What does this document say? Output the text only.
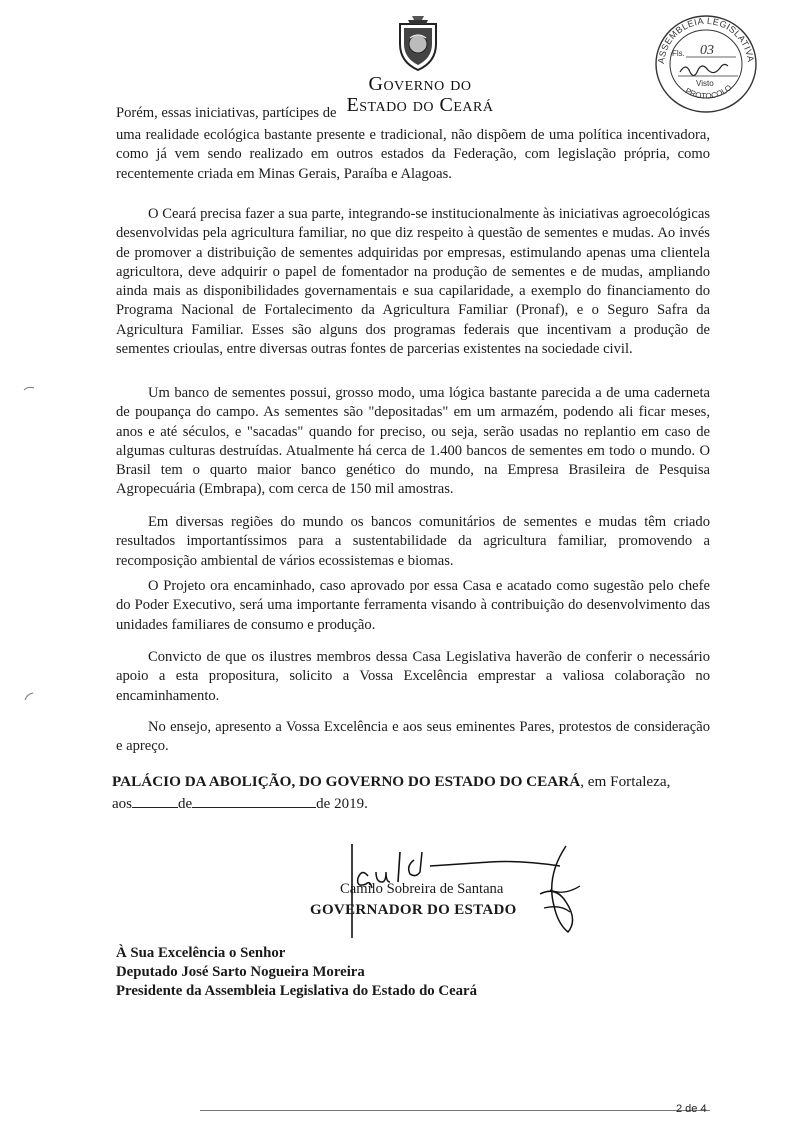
Governo do
Estado do Ceará
ASSEMBLEIA LEGISLATIVA
PROTOCOLO
Fls. 03
Visto

Porém, essas iniciativas, partícipes de

uma realidade ecológica bastante presente e tradicional, não dispõem de uma política incentivadora, como já vem sendo realizado em outros estados da Federação, com legislação própria, como recentemente criada em Minas Gerais, Paraíba e Alagoas.

O Ceará precisa fazer a sua parte, integrando-se institucionalmente às iniciativas agroecológicas desenvolvidas pela agricultura familiar, no que diz respeito à questão de sementes e mudas. Ao invés de promover a distribuição de sementes adquiridas por empresas, estimulando apenas uma clientela agricultora, deve adquirir o papel de fomentador na produção de sementes e de mudas, ampliando ainda mais as disponibilidades governamentais e sua capilaridade, a exemplo do financiamento do Programa Nacional de Fortalecimento da Agricultura Familiar (Pronaf), e o Seguro Safra da Agricultura Familiar. Esses são alguns dos programas federais que incentivam a produção de sementes crioulas, entre diversas outras fontes de parcerias existentes na sociedade civil.

Um banco de sementes possui, grosso modo, uma lógica bastante parecida a de uma caderneta de poupança do campo. As sementes são "depositadas" em um armazém, podendo ali ficar meses, anos e até séculos, e "sacadas" quando for preciso, ou seja, serão usadas no replantio em caso de algumas culturas destruídas. Atualmente há cerca de 1.400 bancos de sementes em todo o mundo. O Brasil tem o quarto maior banco genético do mundo, na Empresa Brasileira de Pesquisa Agropecuária (Embrapa), com cerca de 150 mil amostras.

Em diversas regiões do mundo os bancos comunitários de sementes e mudas têm criado resultados importantíssimos para a sustentabilidade da agricultura familiar, promovendo a recomposição ambiental de vários ecossistemas e biomas.

O Projeto ora encaminhado, caso aprovado por essa Casa e acatado como sugestão pelo chefe do Poder Executivo, será uma importante ferramenta visando à contribuição do desenvolvimento das unidades familiares de consumo e produção.

Convicto de que os ilustres membros dessa Casa Legislativa haverão de conferir o necessário apoio a esta propositura, solicito a Vossa Excelência emprestar a valiosa colaboração no encaminhamento.

No ensejo, apresento a Vossa Excelência e aos seus eminentes Pares, protestos de consideração e apreço.

PALÁCIO DA ABOLIÇÃO, DO GOVERNO DO ESTADO DO CEARÁ, em Fortaleza,
aos	de	de 2019.
Camilo Sobreira de Santana
GOVERNADOR DO ESTADO
À Sua Excelência o Senhor
Deputado José Sarto Nogueira Moreira
Presidente da Assembleia Legislativa do Estado do Ceará
2 de 4
